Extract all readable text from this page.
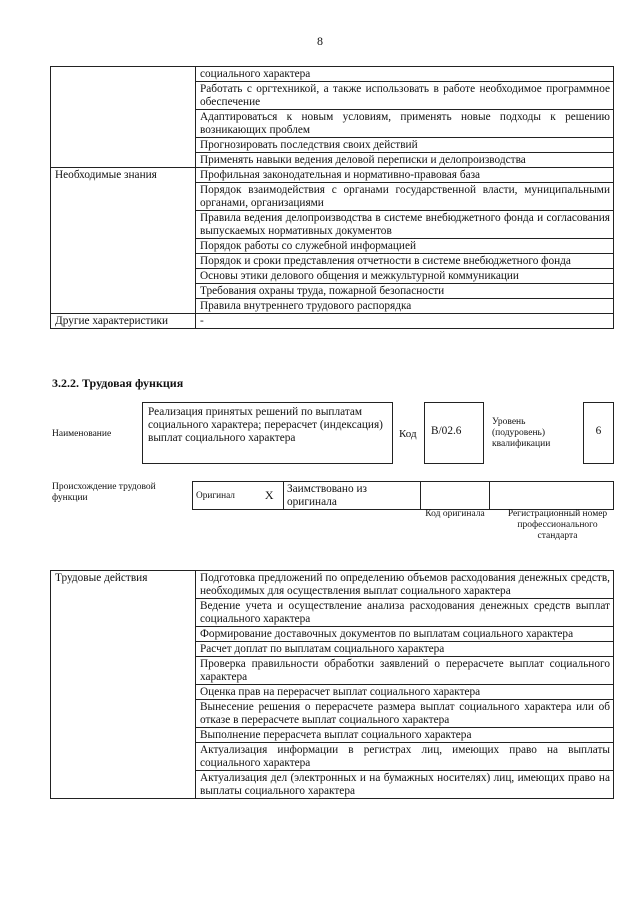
8
	социального характера
	Работать с оргтехникой, а также использовать в работе необходимое программное обеспечение
	Адаптироваться к новым условиям, применять новые подходы к решению возникающих проблем
	Прогнозировать последствия своих действий
	Применять навыки ведения деловой переписки и делопроизводства
Необходимые знания	Профильная законодательная и нормативно-правовая база
	Порядок взаимодействия с органами государственной власти, муниципальными органами, организациями
	Правила ведения делопроизводства в системе внебюджетного фонда и согласования выпускаемых нормативных документов
	Порядок работы со служебной информацией
	Порядок и сроки представления отчетности в системе внебюджетного фонда
	Основы этики делового общения и межкультурной коммуникации
	Требования охраны труда, пожарной безопасности
	Правила внутреннего трудового распорядка
Другие характеристики	-
3.2.2. Трудовая функция
Наименование
Реализация принятых решений по выплатам социального характера; перерасчет (индексация) выплат социального характера	Код	B/02.6
Уровень (подуровень) квалификации
6
Происхождение трудовой функции	Оригинал	X	Заимствовано из оригинала		
Код оригинала	Регистрационный номер профессионального стандарта
Трудовые действия	Подготовка предложений по определению объемов расходования денежных средств, необходимых для осуществления выплат социального характера
Ведение учета и осуществление анализа расходования денежных средств выплат социального характера
Формирование доставочных документов по выплатам социального характера
Расчет доплат по выплатам социального характера
Проверка правильности обработки заявлений о перерасчете выплат социального характера
Оценка прав на перерасчет выплат социального характера
Вынесение решения о перерасчете размера выплат социального характера или об отказе в перерасчете выплат социального характера
Выполнение перерасчета выплат социального характера
Актуализация информации в регистрах лиц, имеющих право на выплаты социального характера
Актуализация дел (электронных и на бумажных носителях) лиц, имеющих право на выплаты социального характера
